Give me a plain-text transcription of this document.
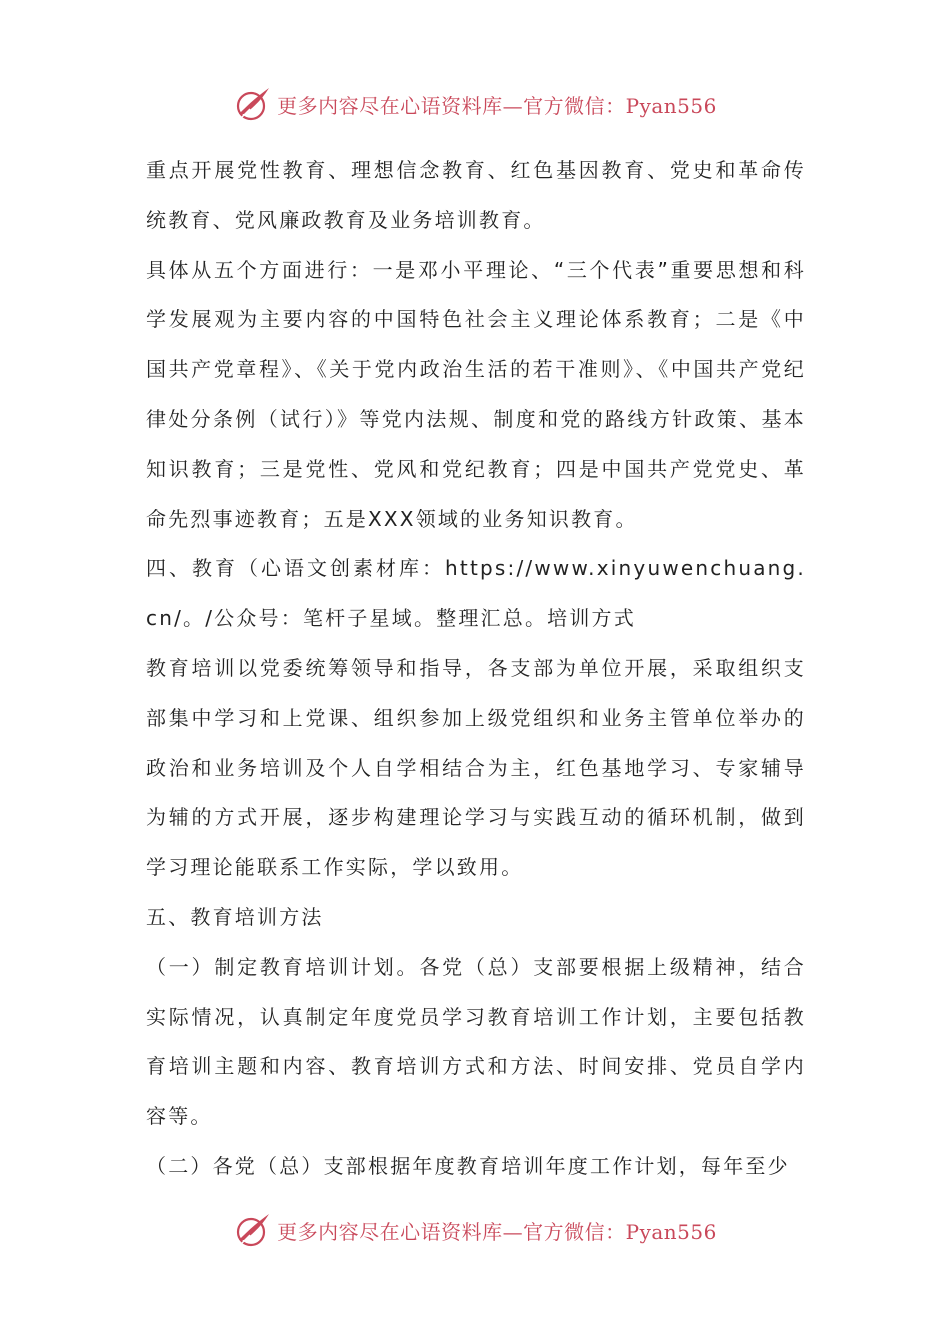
更多内容尽在心语资料库—官方微信：Pyan556

重点开展党性教育、理想信念教育、红色基因教育、党史和革命传统教育、党风廉政教育及业务培训教育。

具体从五个方面进行：一是邓小平理论、“三个代表”重要思想和科学发展观为主要内容的中国特色社会主义理论体系教育；二是《中国共产党章程》、《关于党内政治生活的若干准则》、《中国共产党纪律处分条例（试行）》等党内法规、制度和党的路线方针政策、基本知识教育；三是党性、党风和党纪教育；四是中国共产党党史、革命先烈事迹教育；五是XXX领域的业务知识教育。

四、教育（心语文创素材库：https://www.xinyuwenchuang.cn/。/公众号：笔杆子星域。整理汇总。培训方式

教育培训以党委统筹领导和指导，各支部为单位开展，采取组织支部集中学习和上党课、组织参加上级党组织和业务主管单位举办的政治和业务培训及个人自学相结合为主，红色基地学习、专家辅导为辅的方式开展，逐步构建理论学习与实践互动的循环机制，做到学习理论能联系工作实际，学以致用。

五、教育培训方法

（一）制定教育培训计划。各党（总）支部要根据上级精神，结合实际情况，认真制定年度党员学习教育培训工作计划，主要包括教育培训主题和内容、教育培训方式和方法、时间安排、党员自学内容等。

（二）各党（总）支部根据年度教育培训年度工作计划，每年至少

更多内容尽在心语资料库—官方微信：Pyan556
